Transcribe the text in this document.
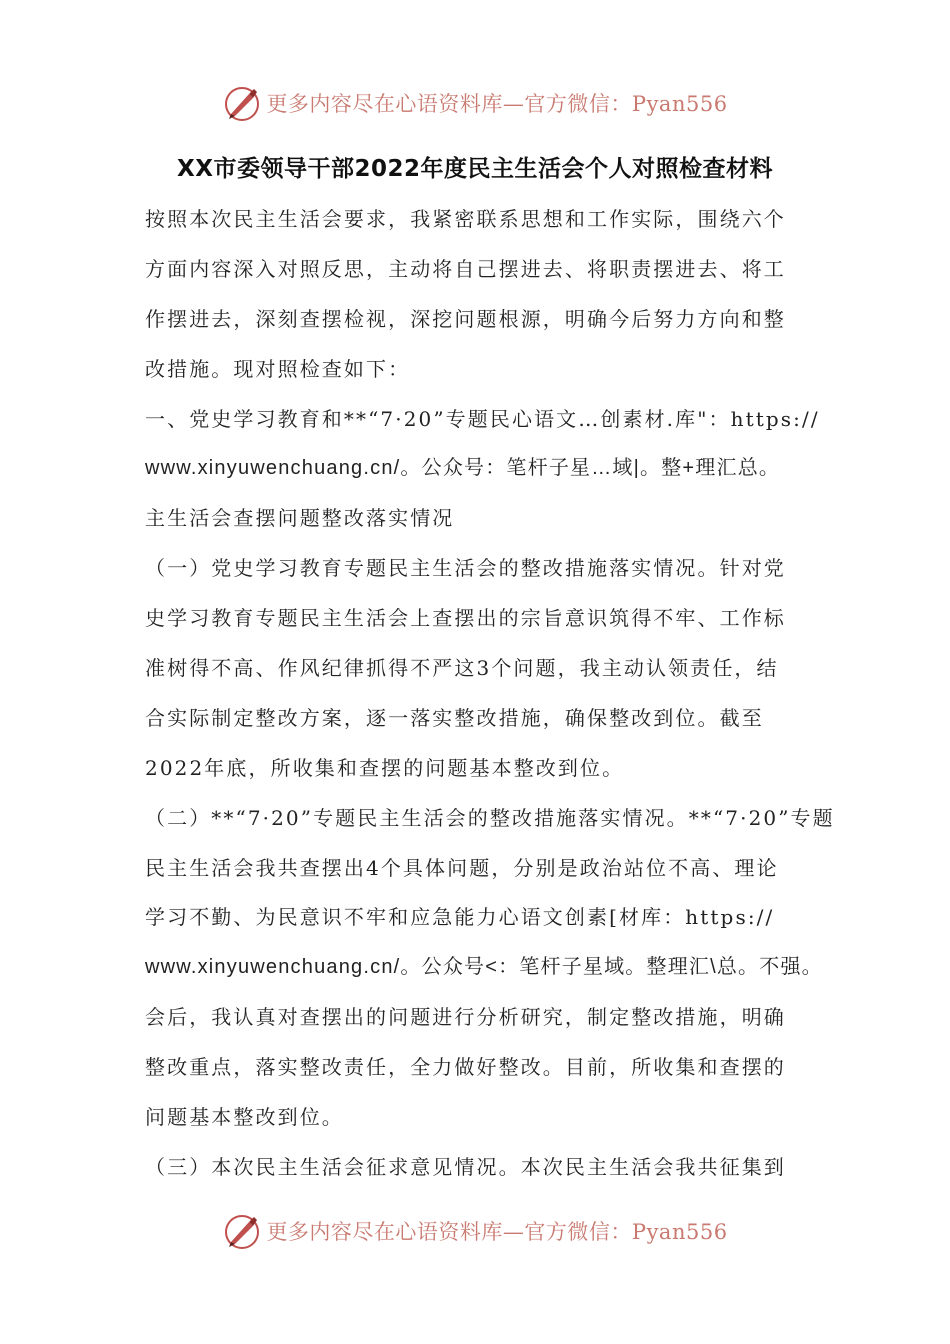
更多内容尽在心语资料库—官方微信：Pyan556
XX市委领导干部2022年度民主生活会个人对照检查材料
按照本次民主生活会要求，我紧密联系思想和工作实际，围绕六个
方面内容深入对照反思，主动将自己摆进去、将职责摆进去、将工
作摆进去，深刻查摆检视，深挖问题根源，明确今后努力方向和整
改措施。现对照检查如下：
一、党史学习教育和**“7·20”专题民心语文…创素材.库"：https://
www.xinyuwenchuang.cn/。公众号：笔杆子星…域|。整+理汇总。
主生活会查摆问题整改落实情况
（一）党史学习教育专题民主生活会的整改措施落实情况。针对党
史学习教育专题民主生活会上查摆出的宗旨意识筑得不牢、工作标
准树得不高、作风纪律抓得不严这3个问题，我主动认领责任，结
合实际制定整改方案，逐一落实整改措施，确保整改到位。截至
2022年底，所收集和查摆的问题基本整改到位。
（二）**“7·20”专题民主生活会的整改措施落实情况。**“7·20”专题
民主生活会我共查摆出4个具体问题，分别是政治站位不高、理论
学习不勤、为民意识不牢和应急能力心语文创素[材库：https://
www.xinyuwenchuang.cn/。公众号<：笔杆子星域。整理汇\总。不强。
会后，我认真对查摆出的问题进行分析研究，制定整改措施，明确
整改重点，落实整改责任，全力做好整改。目前，所收集和查摆的
问题基本整改到位。
（三）本次民主生活会征求意见情况。本次民主生活会我共征集到
更多内容尽在心语资料库—官方微信：Pyan556
